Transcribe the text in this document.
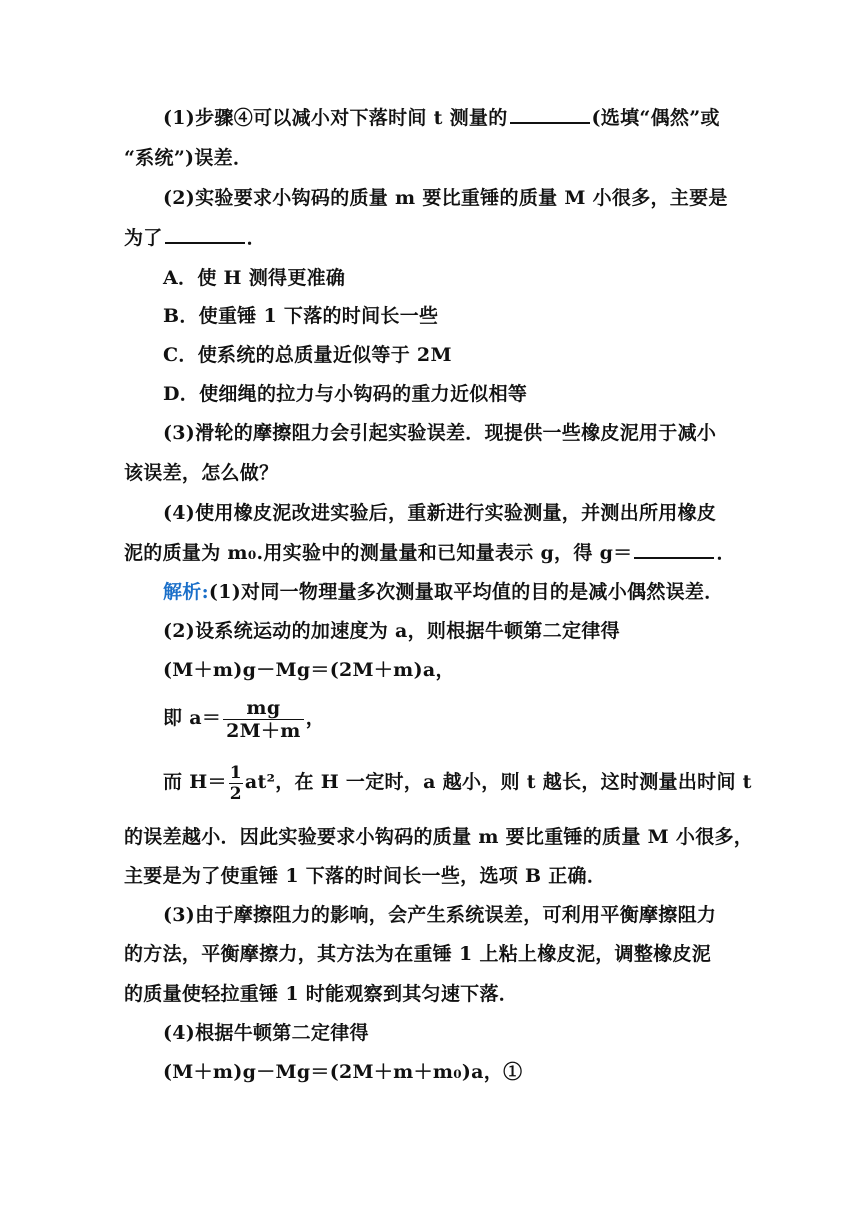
(1)步骤④可以减小对下落时间 t 测量的	(选填“偶然”或
“系统”)误差．
(2)实验要求小钩码的质量 m 要比重锤的质量 M 小很多，主要是
为了	．
A．使 H 测得更准确
B．使重锤 1 下落的时间长一些
C．使系统的总质量近似等于 2M
D．使细绳的拉力与小钩码的重力近似相等
(3)滑轮的摩擦阻力会引起实验误差．现提供一些橡皮泥用于减小
该误差，怎么做？
(4)使用橡皮泥改进实验后，重新进行实验测量，并测出所用橡皮
泥的质量为 m₀.用实验中的测量量和已知量表示 g，得 g＝	．
解析:(1)对同一物理量多次测量取平均值的目的是减小偶然误差．
(2)设系统运动的加速度为 a，则根据牛顿第二定律得
(M＋m)g－Mg＝(2M＋m)a，
即 $a= \frac{mg}{2M+m}$ ，
而 $H= \frac{1}{2} at^2$，在 H 一定时，a 越小，则 t 越长，这时测量出时间 t
的误差越小．因此实验要求小钩码的质量 m 要比重锤的质量 M 小很多，
主要是为了使重锤 1 下落的时间长一些，选项 B 正确．
(3)由于摩擦阻力的影响，会产生系统误差，可利用平衡摩擦阻力
的方法，平衡摩擦力，其方法为在重锤 1 上粘上橡皮泥，调整橡皮泥
的质量使轻拉重锤 1 时能观察到其匀速下落．
(4)根据牛顿第二定律得
(M＋m)g－Mg＝(2M＋m＋m₀)a，①
